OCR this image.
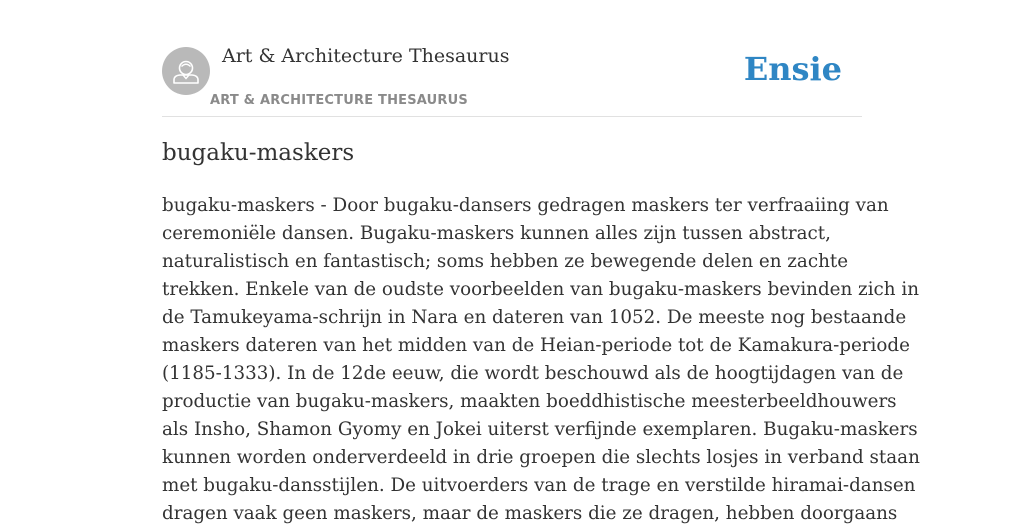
Art & Architecture Thesaurus
ART & ARCHITECTURE THESAURUS
Ensie
bugaku-maskers
bugaku-maskers - Door bugaku-dansers gedragen maskers ter verfraaiing van
ceremoniële dansen. Bugaku-maskers kunnen alles zijn tussen abstract,
naturalistisch en fantastisch; soms hebben ze bewegende delen en zachte
trekken. Enkele van de oudste voorbeelden van bugaku-maskers bevinden zich in
de Tamukeyama-schrijn in Nara en dateren van 1052. De meeste nog bestaande
maskers dateren van het midden van de Heian-periode tot de Kamakura-periode
(1185-1333). In de 12de eeuw, die wordt beschouwd als de hoogtijdagen van de
productie van bugaku-maskers, maakten boeddhistische meesterbeeldhouwers
als Insho, Shamon Gyomy en Jokei uiterst verfijnde exemplaren. Bugaku-maskers
kunnen worden onderverdeeld in drie groepen die slechts losjes in verband staan
met bugaku-dansstijlen. De uitvoerders van de trage en verstilde hiramai-dansen
dragen vaak geen maskers, maar de maskers die ze dragen, hebben doorgaans
